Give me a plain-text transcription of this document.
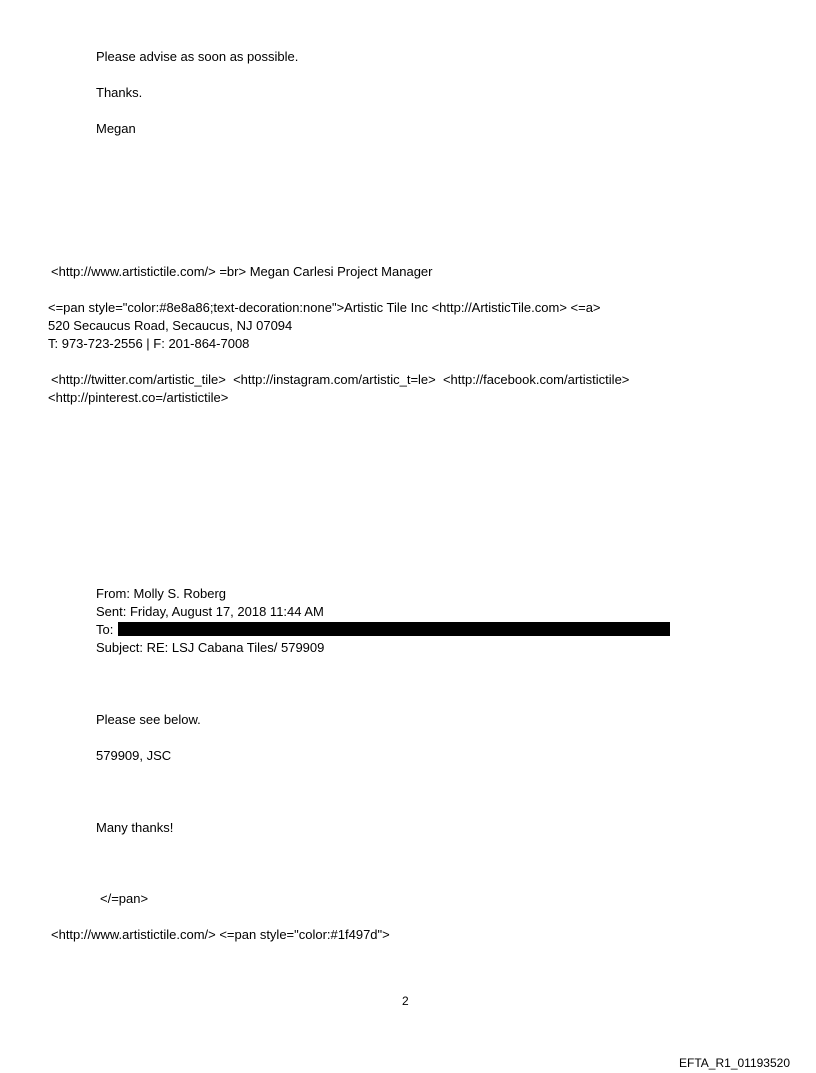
Please advise as soon as possible.
Thanks.
Megan
<http://www.artistictile.com/> =br> Megan Carlesi Project Manager
<=pan style="color:#8e8a86;text-decoration:none">Artistic Tile Inc <http://ArtisticTile.com> <=a>
520 Secaucus Road, Secaucus, NJ 07094
T: 973-723-2556 | F: 201-864-7008
<http://twitter.com/artistic_tile>  <http://instagram.com/artistic_t=le>  <http://facebook.com/artistictile>
<http://pinterest.co=/artistictile>
From: Molly S. Roberg
Sent: Friday, August 17, 2018 11:44 AM
To:
Subject: RE: LSJ Cabana Tiles/ 579909
Please see below.
579909, JSC
Many thanks!
</=pan>
<http://www.artistictile.com/> <=pan style="color:#1f497d">
2
EFTA_R1_01193520
